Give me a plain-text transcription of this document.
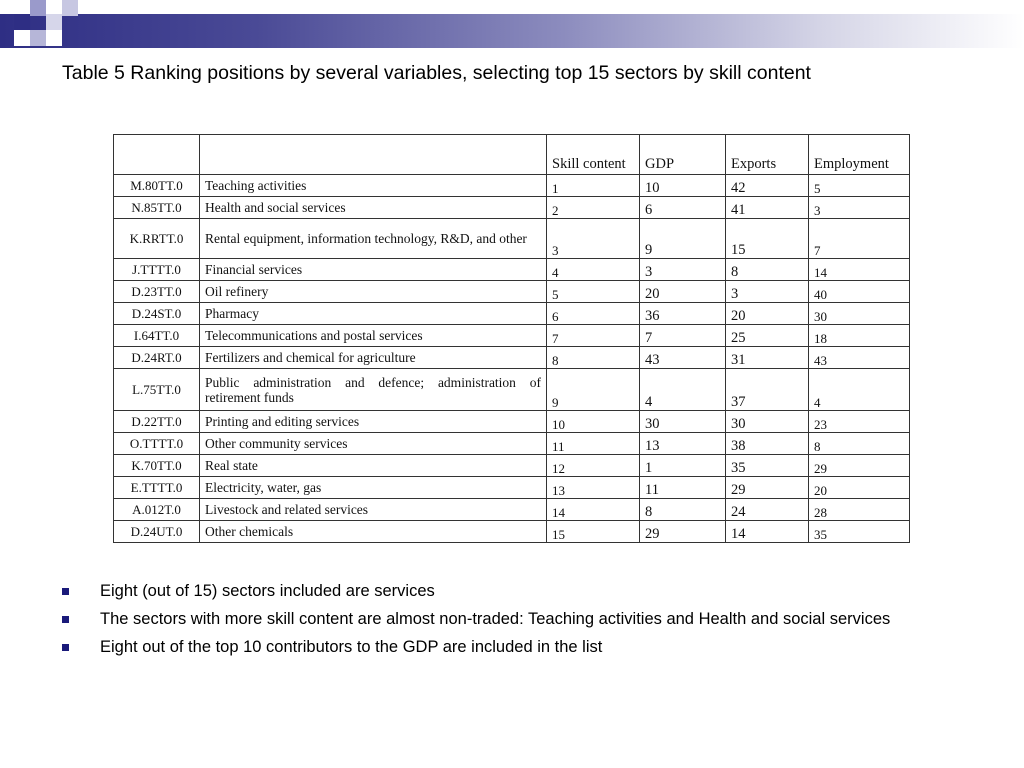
Table 5 Ranking positions by several variables, selecting top 15 sectors by skill content
		Skill content	GDP	Exports	Employment
M.80TT.0	Teaching activities	1	10	42	5
N.85TT.0	Health and social services	2	6	41	3
K.RRTT.0	Rental equipment, information technology, R&D, and other	3	9	15	7
J.TTTT.0	Financial services	4	3	8	14
D.23TT.0	Oil refinery	5	20	3	40
D.24ST.0	Pharmacy	6	36	20	30
I.64TT.0	Telecommunications and postal services	7	7	25	18
D.24RT.0	Fertilizers and chemical for agriculture	8	43	31	43
L.75TT.0	Public administration and defence; administration of retirement funds	9	4	37	4
D.22TT.0	Printing and editing services	10	30	30	23
O.TTTT.0	Other community services	11	13	38	8
K.70TT.0	Real state	12	1	35	29
E.TTTT.0	Electricity, water, gas	13	11	29	20
A.012T.0	Livestock and related services	14	8	24	28
D.24UT.0	Other chemicals	15	29	14	35
Eight (out of 15) sectors included are services
The sectors with more skill content are almost non-traded: Teaching activities and Health and social services
Eight out of the top 10 contributors to the GDP are included in the list
